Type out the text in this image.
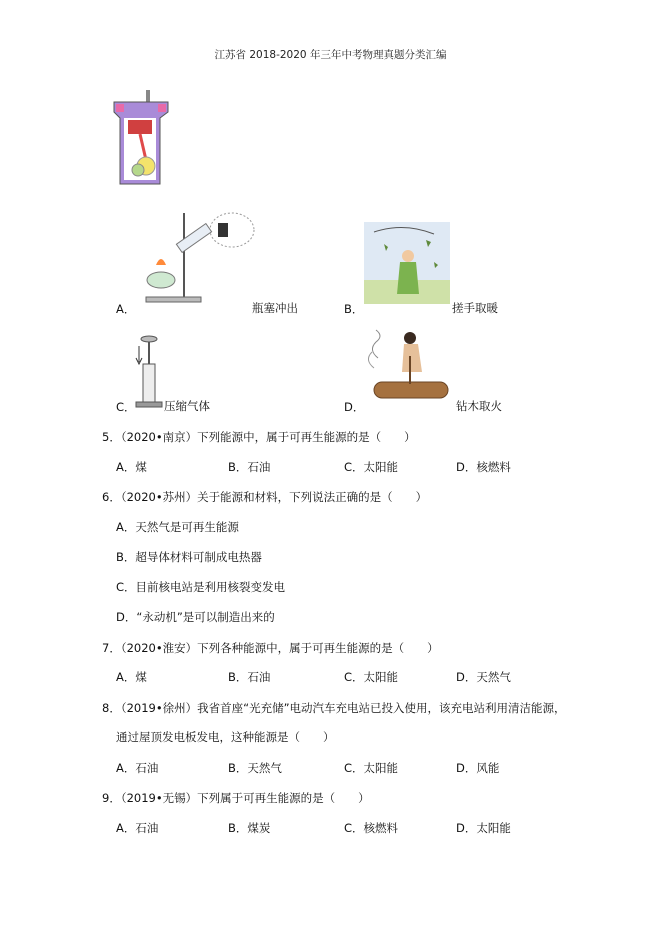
江苏省 2018-2020 年三年中考物理真题分类汇编
A．	瓶塞冲出	B．	搓手取暖
C． 压缩气体	D．	钻木取火
5．（2020•南京）下列能源中，属于可再生能源的是（　　）
A．煤	B．石油	C．太阳能	D．核燃料
6．（2020•苏州）关于能源和材料，下列说法正确的是（　　）
A．天然气是可再生能源
B．超导体材料可制成电热器
C．目前核电站是利用核裂变发电
D．“永动机”是可以制造出来的
7．（2020•淮安）下列各种能源中，属于可再生能源的是（　　）
A．煤	B．石油	C．太阳能	D．天然气
8．（2019•徐州）我省首座“光充储”电动汽车充电站已投入使用，该充电站利用清洁能源，
通过屋顶发电板发电，这种能源是（　　）
A．石油	B．天然气	C．太阳能	D．风能
9．（2019•无锡）下列属于可再生能源的是（　　）
A．石油	B．煤炭	C．核燃料	D．太阳能
